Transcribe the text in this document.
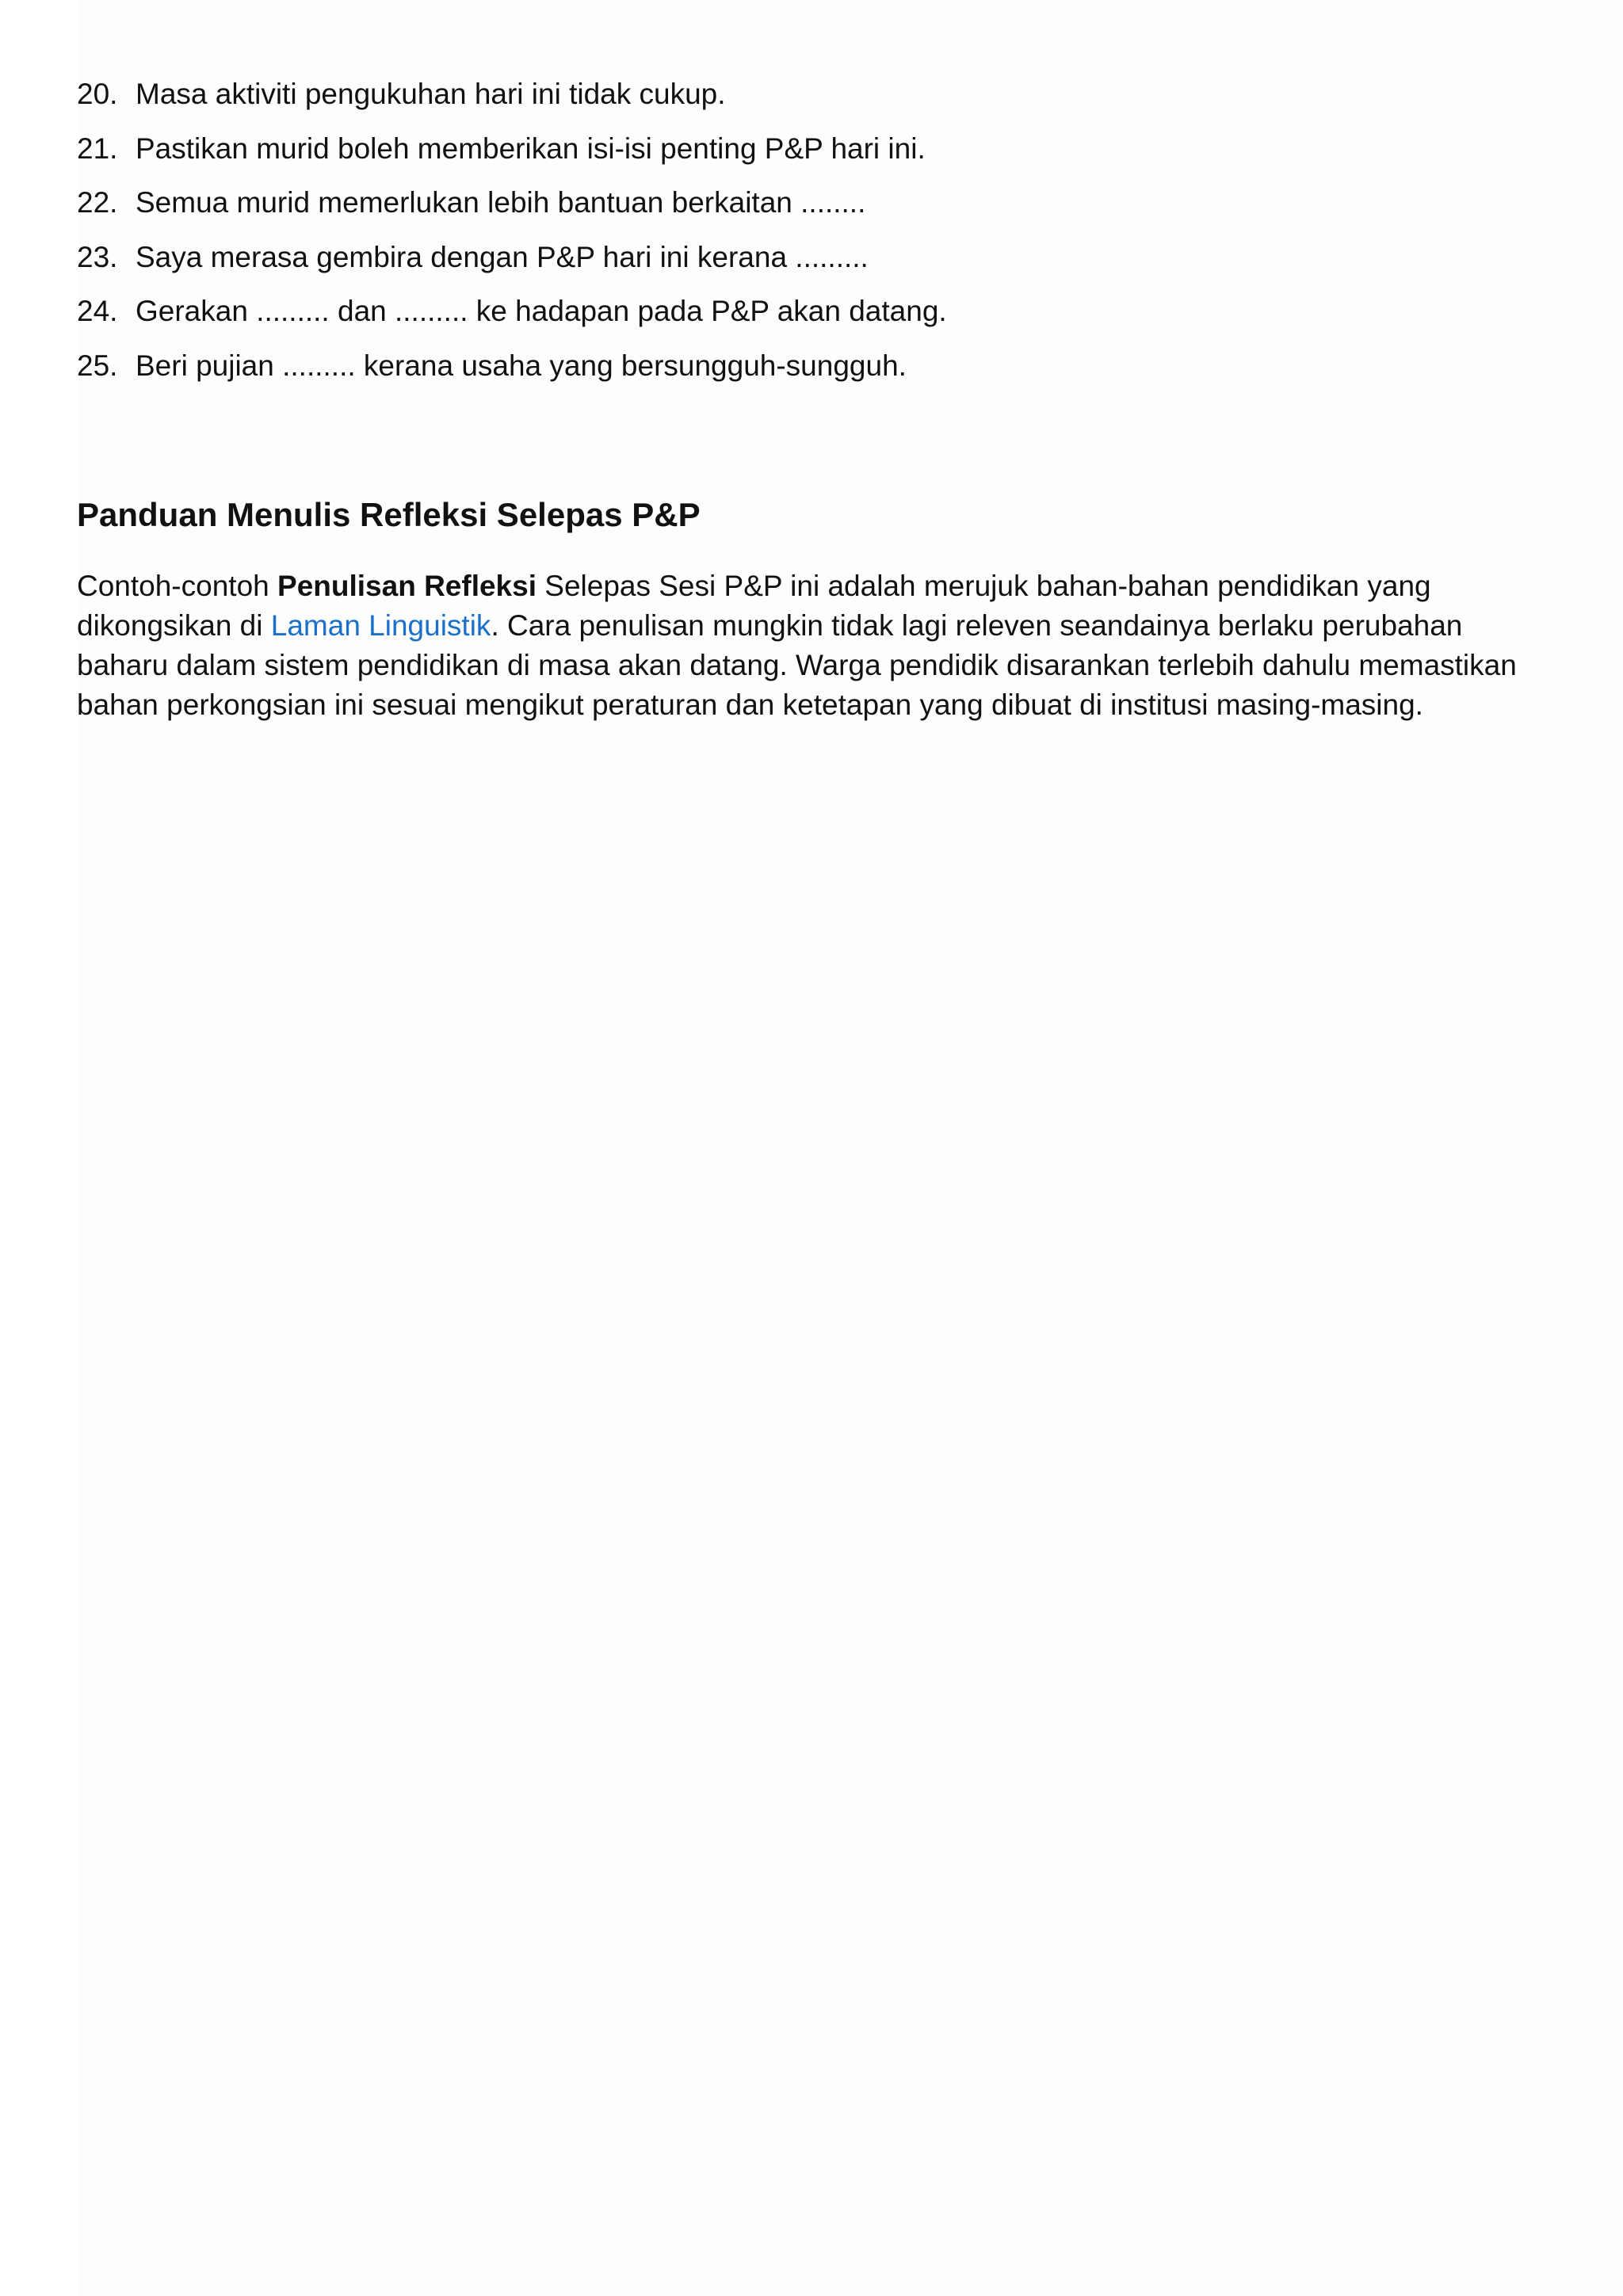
20. Masa aktiviti pengukuhan hari ini tidak cukup.
21. Pastikan murid boleh memberikan isi-isi penting P&P hari ini.
22. Semua murid memerlukan lebih bantuan berkaitan ........
23. Saya merasa gembira dengan P&P hari ini kerana .........
24. Gerakan ......... dan ......... ke hadapan pada P&P akan datang.
25. Beri pujian ......... kerana usaha yang bersungguh-sungguh.
Panduan Menulis Refleksi Selepas P&P

Contoh-contoh Penulisan Refleksi Selepas Sesi P&P ini adalah merujuk bahan-bahan pendidikan yang
dikongsikan di Laman Linguistik. Cara penulisan mungkin tidak lagi releven seandainya berlaku perubahan
baharu dalam sistem pendidikan di masa akan datang. Warga pendidik disarankan terlebih dahulu memastikan
bahan perkongsian ini sesuai mengikut peraturan dan ketetapan yang dibuat di institusi masing-masing.
